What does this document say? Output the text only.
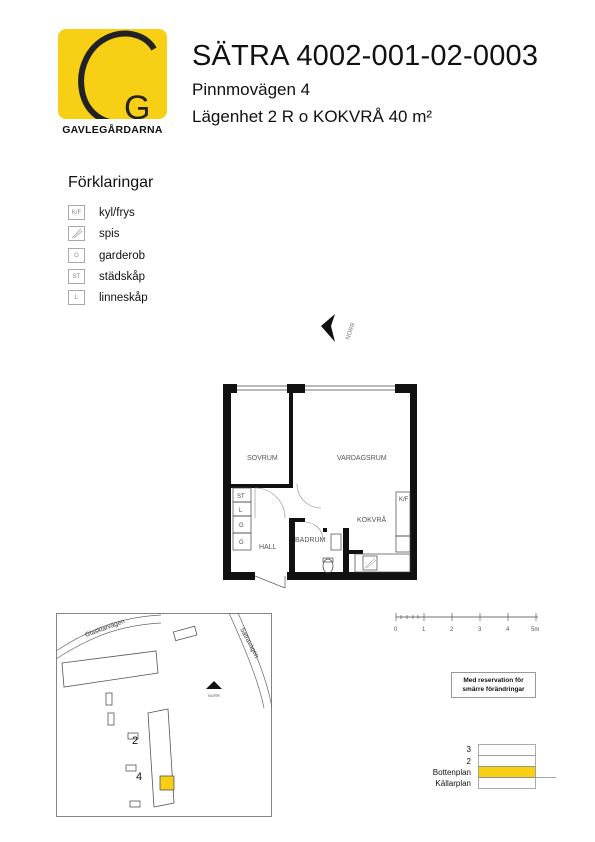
G
GAVLEGÅRDARNA
SÄTRA 4002-001-02-0003
Pinnmovägen 4
Lägenhet 2 R o KOKVRÅ 40 m²
Förklaringar
K/F	kyl/frys
spis
G	garderob
ST	städskåp
L	linneskåp
NORR
ST
L
G
G
K/F
SOVRUM	VARDAGSRUM
KOKVRÅ
HALL
BADRUM
Glasklarvägen	Sätravägen
NORR
2
4
0	1	2	3	4	5m
Med reservation för smärre förändringar
3
2
Bottenplan
Källarplan
